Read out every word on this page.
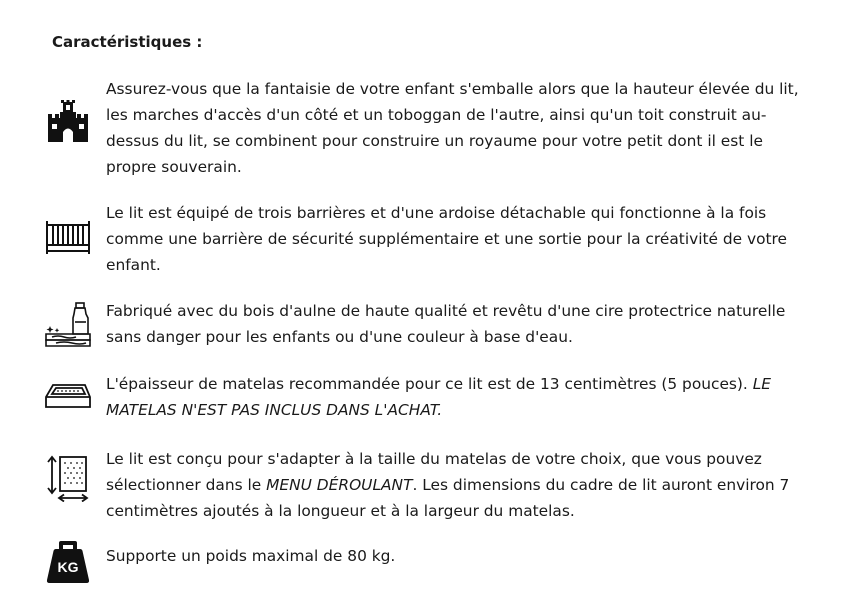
Caractéristiques :
Assurez-vous que la fantaisie de votre enfant s'emballe alors que la hauteur élevée du lit, les marches d'accès d'un côté et un toboggan de l'autre, ainsi qu'un toit construit au-dessus du lit, se combinent pour construire un royaume pour votre petit dont il est le propre souverain.
Le lit est équipé de trois barrières et d'une ardoise détachable qui fonctionne à la fois comme une barrière de sécurité supplémentaire et une sortie pour la créativité de votre enfant.
Fabriqué avec du bois d'aulne de haute qualité et revêtu d'une cire protectrice naturelle sans danger pour les enfants ou d'une couleur à base d'eau.
L'épaisseur de matelas recommandée pour ce lit est de 13 centimètres (5 pouces). LE MATELAS N'EST PAS INCLUS DANS L'ACHAT.
Le lit est conçu pour s'adapter à la taille du matelas de votre choix, que vous pouvez sélectionner dans le MENU DÉROULANT. Les dimensions du cadre de lit auront environ 7 centimètres ajoutés à la longueur et à la largeur du matelas.
KG
Supporte un poids maximal de 80 kg.
